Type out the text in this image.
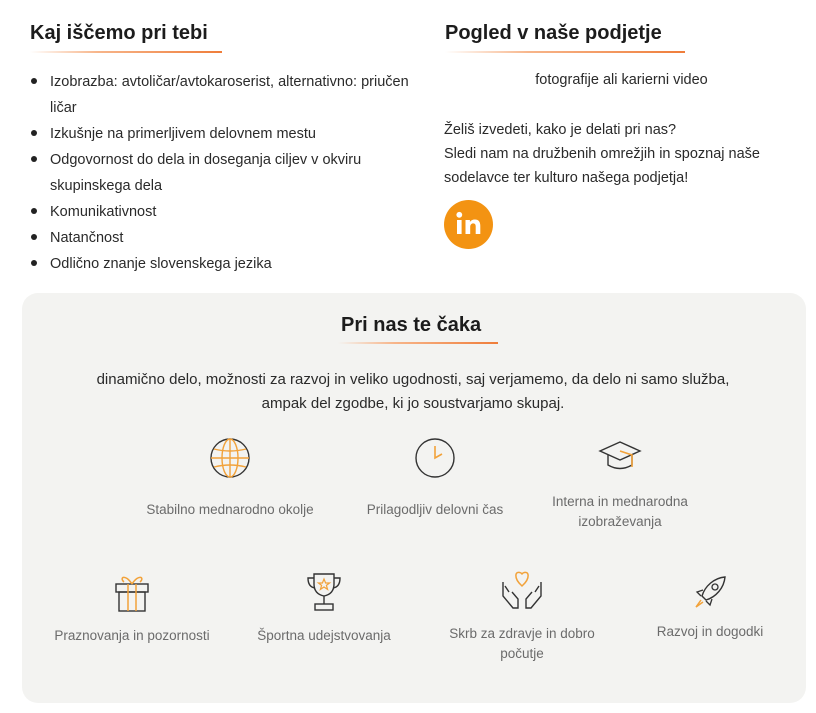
Kaj iščemo pri tebi
Izobrazba: avtoličar/avtokaroserist, alternativno: priučen ličar
Izkušnje na primerljivem delovnem mestu
Odgovornost do dela in doseganja ciljev v okviru skupinskega dela
Komunikativnost
Natančnost
Odlično znanje slovenskega jezika
Pogled v naše podjetje
fotografije ali karierni video
Želiš izvedeti, kako je delati pri nas?
Sledi nam na družbenih omrežjih in spoznaj naše sodelavce ter kulturo našega podjetja!
Pri nas te čaka
dinamično delo, možnosti za razvoj in veliko ugodnosti, saj verjamemo, da delo ni samo služba, ampak del zgodbe, ki jo soustvarjamo skupaj.
Stabilno mednarodno okolje	Prilagodljiv delovni čas
Interna in mednarodna izobraževanja
Praznovanja in pozornosti	Športna udejstvovanja	Skrb za zdravje in dobro počutje
Razvoj in dogodki
